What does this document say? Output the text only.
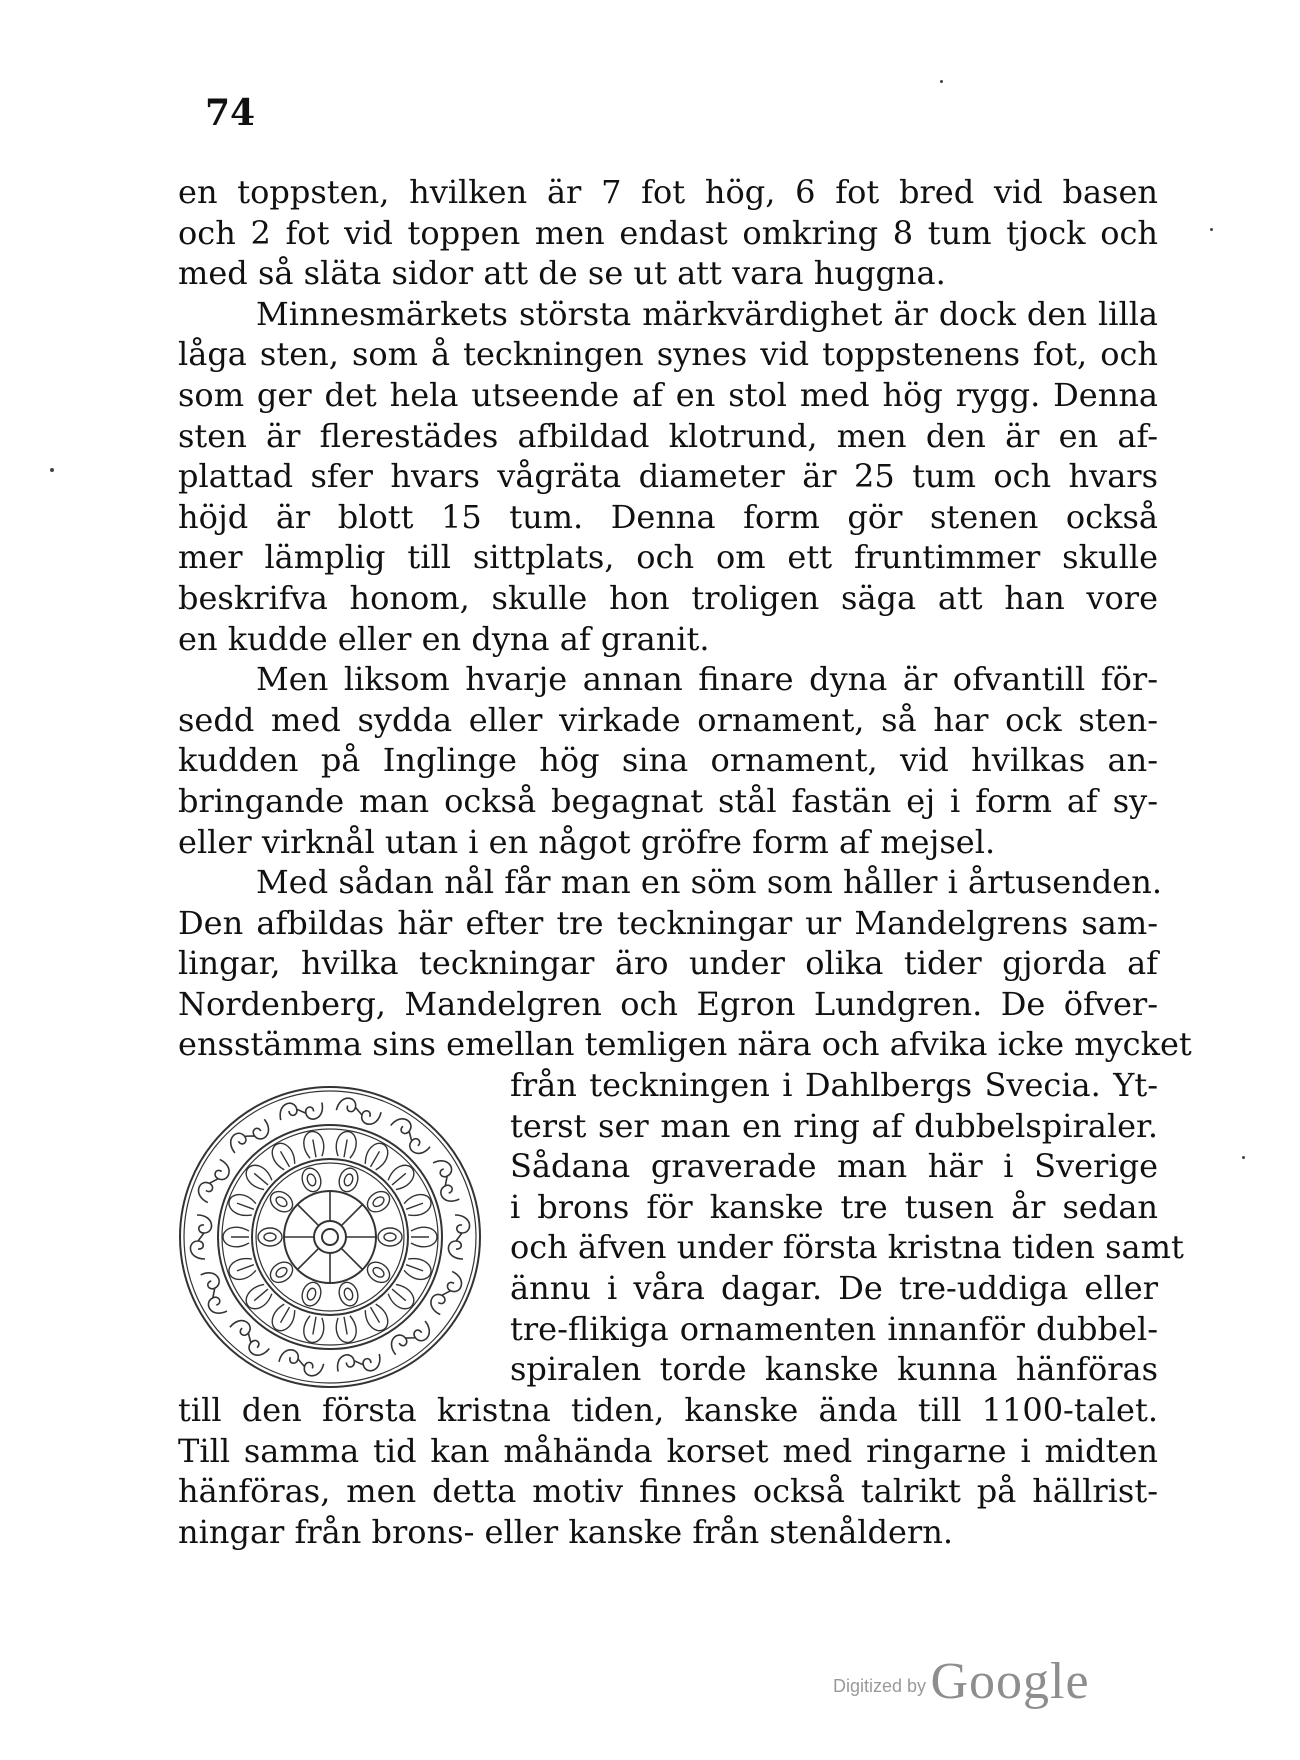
74
en toppsten, hvilken är 7 fot hög, 6 fot bred vid basen
och 2 fot vid toppen men endast omkring 8 tum tjock och
med så släta sidor att de se ut att vara huggna.
Minnesmärkets största märkvärdighet är dock den lilla
låga sten, som å teckningen synes vid toppstenens fot, och
som ger det hela utseende af en stol med hög rygg. Denna
sten är flerestädes afbildad klotrund, men den är en af-
plattad sfer hvars vågräta diameter är 25 tum och hvars
höjd är blott 15 tum. Denna form gör stenen också
mer lämplig till sittplats, och om ett fruntimmer skulle
beskrifva honom, skulle hon troligen säga att han vore
en kudde eller en dyna af granit.
Men liksom hvarje annan finare dyna är ofvantill för-
sedd med sydda eller virkade ornament, så har ock sten-
kudden på Inglinge hög sina ornament, vid hvilkas an-
bringande man också begagnat stål fastän ej i form af sy-
eller virknål utan i en något gröfre form af mejsel.
Med sådan nål får man en söm som håller i årtusenden.
Den afbildas här efter tre teckningar ur Mandelgrens sam-
lingar, hvilka teckningar äro under olika tider gjorda af
Nordenberg, Mandelgren och Egron Lundgren. De öfver-
ensstämma sins emellan temligen nära och afvika icke mycket
från teckningen i Dahlbergs Svecia. Yt-
terst ser man en ring af dubbelspiraler.
Sådana graverade man här i Sverige
i brons för kanske tre tusen år sedan
och äfven under första kristna tiden samt
ännu i våra dagar. De tre-uddiga eller
tre-flikiga ornamenten innanför dubbel-
spiralen torde kanske kunna hänföras
till den första kristna tiden, kanske ända till 1100-talet.
Till samma tid kan måhända korset med ringarne i midten
hänföras, men detta motiv finnes också talrikt på hällrist-
ningar från brons- eller kanske från stenåldern.
Digitized by Google
